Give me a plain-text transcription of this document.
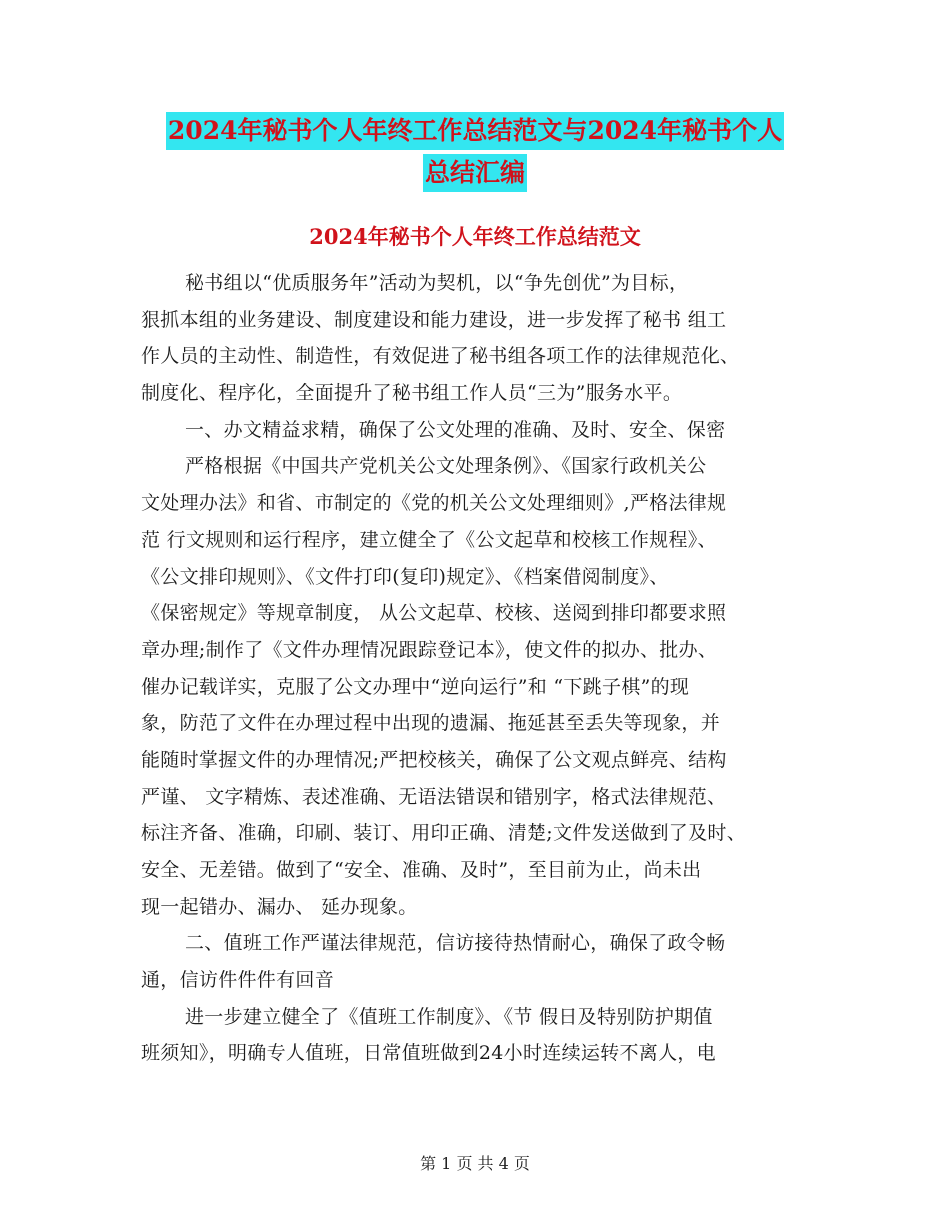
2024年秘书个人年终工作总结范文与2024年秘书个人
总结汇编
2024年秘书个人年终工作总结范文
秘书组以“优质服务年”活动为契机，以“争先创优”为目标，
狠抓本组的业务建设、制度建设和能力建设，进一步发挥了秘书 组工
作人员的主动性、制造性，有效促进了秘书组各项工作的法律规范化、
制度化、程序化，全面提升了秘书组工作人员“三为”服务水平。
一、办文精益求精，确保了公文处理的准确、及时、安全、保密
严格根据《中国共产党机关公文处理条例》、《国家行政机关公
文处理办法》和省、市制定的《党的机关公文处理细则》,严格法律规
范 行文规则和运行程序，建立健全了《公文起草和校核工作规程》、
《公文排印规则》、《文件打印(复印)规定》、《档案借阅制度》、
《保密规定》等规章制度， 从公文起草、校核、送阅到排印都要求照
章办理;制作了《文件办理情况跟踪登记本》，使文件的拟办、批办、
催办记载详实，克服了公文办理中“逆向运行”和 “下跳子棋”的现
象，防范了文件在办理过程中出现的遗漏、拖延甚至丢失等现象，并
能随时掌握文件的办理情况;严把校核关，确保了公文观点鲜亮、结构
严谨、 文字精炼、表述准确、无语法错误和错别字，格式法律规范、
标注齐备、准确，印刷、装订、用印正确、清楚;文件发送做到了及时、
安全、无差错。做到了“安全、准确、及时”，至目前为止，尚未出
现一起错办、漏办、 延办现象。
二、值班工作严谨法律规范，信访接待热情耐心，确保了政令畅
通，信访件件件有回音
进一步建立健全了《值班工作制度》、《节 假日及特别防护期值
班须知》，明确专人值班，日常值班做到24小时连续运转不离人，电
第 1 页 共 4 页
